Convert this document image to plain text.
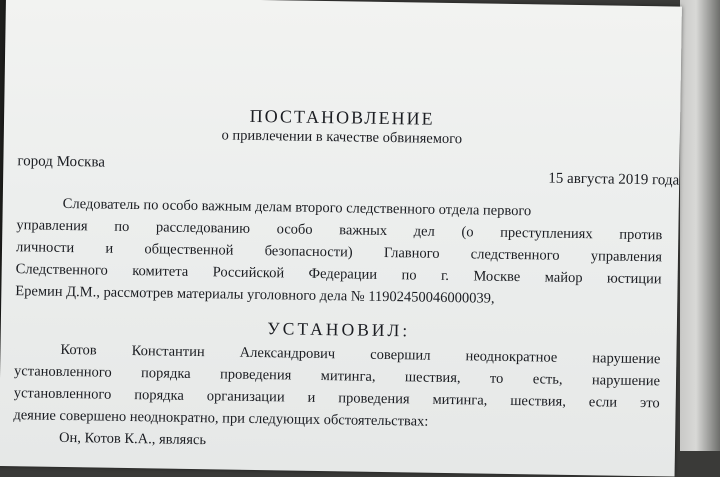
ПОСТАНОВЛЕНИЕ
о привлечении в качестве обвиняемого
город Москва
15 августа 2019 года
Следователь по особо важным делам второго следственного отдела первого
управления по расследованию особо важных дел (о преступлениях против
личности и общественной безопасности) Главного следственного управления
Следственного комитета Российской Федерации по г. Москве майор юстиции
Еремин Д.М., рассмотрев материалы уголовного дела № 11902450046000039,
УСТАНОВИЛ:
Котов Константин Александрович совершил неоднократное нарушение
установленного порядка проведения митинга, шествия, то есть, нарушение
установленного порядка организации и проведения митинга, шествия, если это
деяние совершено неоднократно, при следующих обстоятельствах:
Он, Котов К.А., являясь
